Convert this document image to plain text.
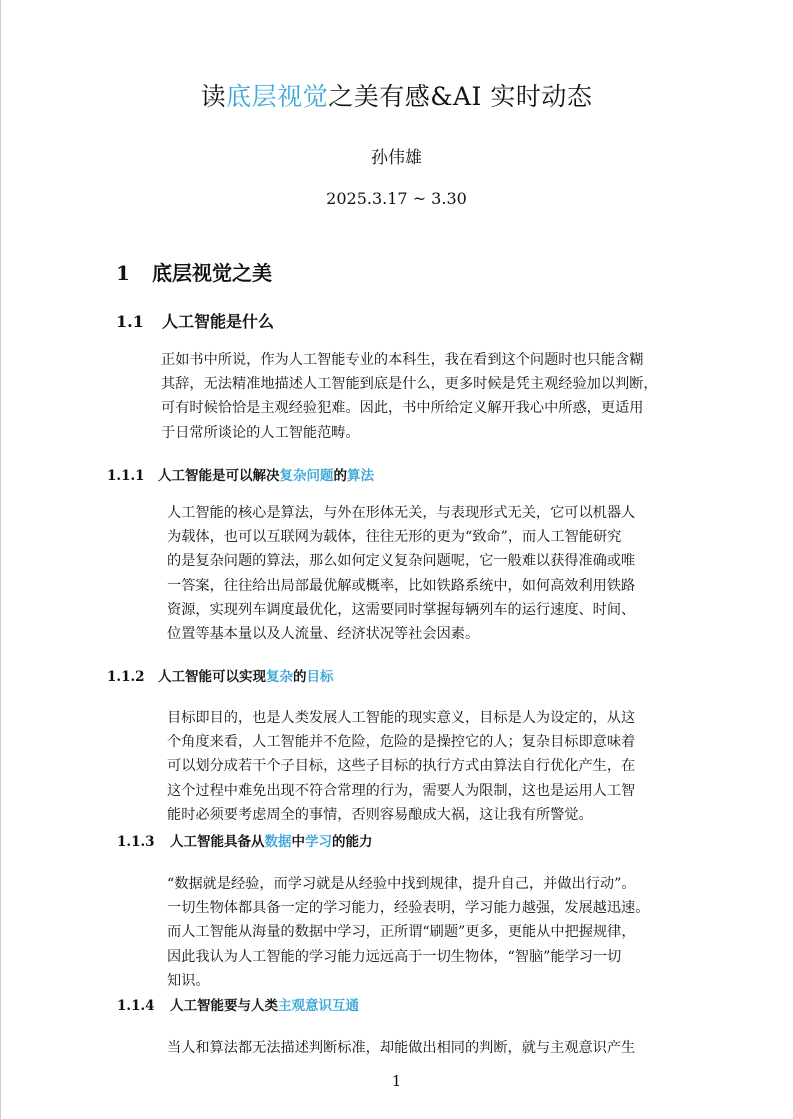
读底层视觉之美有感&AI 实时动态
孙伟雄
2025.3.17 ~ 3.30
1 底层视觉之美
1.1 人工智能是什么
正如书中所说，作为人工智能专业的本科生，我在看到这个问题时也只能含糊
其辞，无法精准地描述人工智能到底是什么，更多时候是凭主观经验加以判断，
可有时候恰恰是主观经验犯难。因此，书中所给定义解开我心中所惑，更适用
于日常所谈论的人工智能范畴。
1.1.1 人工智能是可以解决复杂问题的算法
人工智能的核心是算法，与外在形体无关，与表现形式无关，它可以机器人
为载体，也可以互联网为载体，往往无形的更为“致命”，而人工智能研究
的是复杂问题的算法，那么如何定义复杂问题呢，它一般难以获得准确或唯
一答案，往往给出局部最优解或概率，比如铁路系统中，如何高效利用铁路
资源，实现列车调度最优化，这需要同时掌握每辆列车的运行速度、时间、
位置等基本量以及人流量、经济状况等社会因素。
1.1.2 人工智能可以实现复杂的目标
目标即目的，也是人类发展人工智能的现实意义，目标是人为设定的，从这
个角度来看，人工智能并不危险，危险的是操控它的人；复杂目标即意味着
可以划分成若干个子目标，这些子目标的执行方式由算法自行优化产生，在
这个过程中难免出现不符合常理的行为，需要人为限制，这也是运用人工智
能时必须要考虑周全的事情，否则容易酿成大祸，这让我有所警觉。
1.1.3 人工智能具备从数据中学习的能力
“数据就是经验，而学习就是从经验中找到规律，提升自己，并做出行动”。
一切生物体都具备一定的学习能力，经验表明，学习能力越强，发展越迅速。
而人工智能从海量的数据中学习，正所谓“刷题”更多，更能从中把握规律，
因此我认为人工智能的学习能力远远高于一切生物体，“智脑”能学习一切
知识。
1.1.4 人工智能要与人类主观意识互通
当人和算法都无法描述判断标准，却能做出相同的判断，就与主观意识产生
1
